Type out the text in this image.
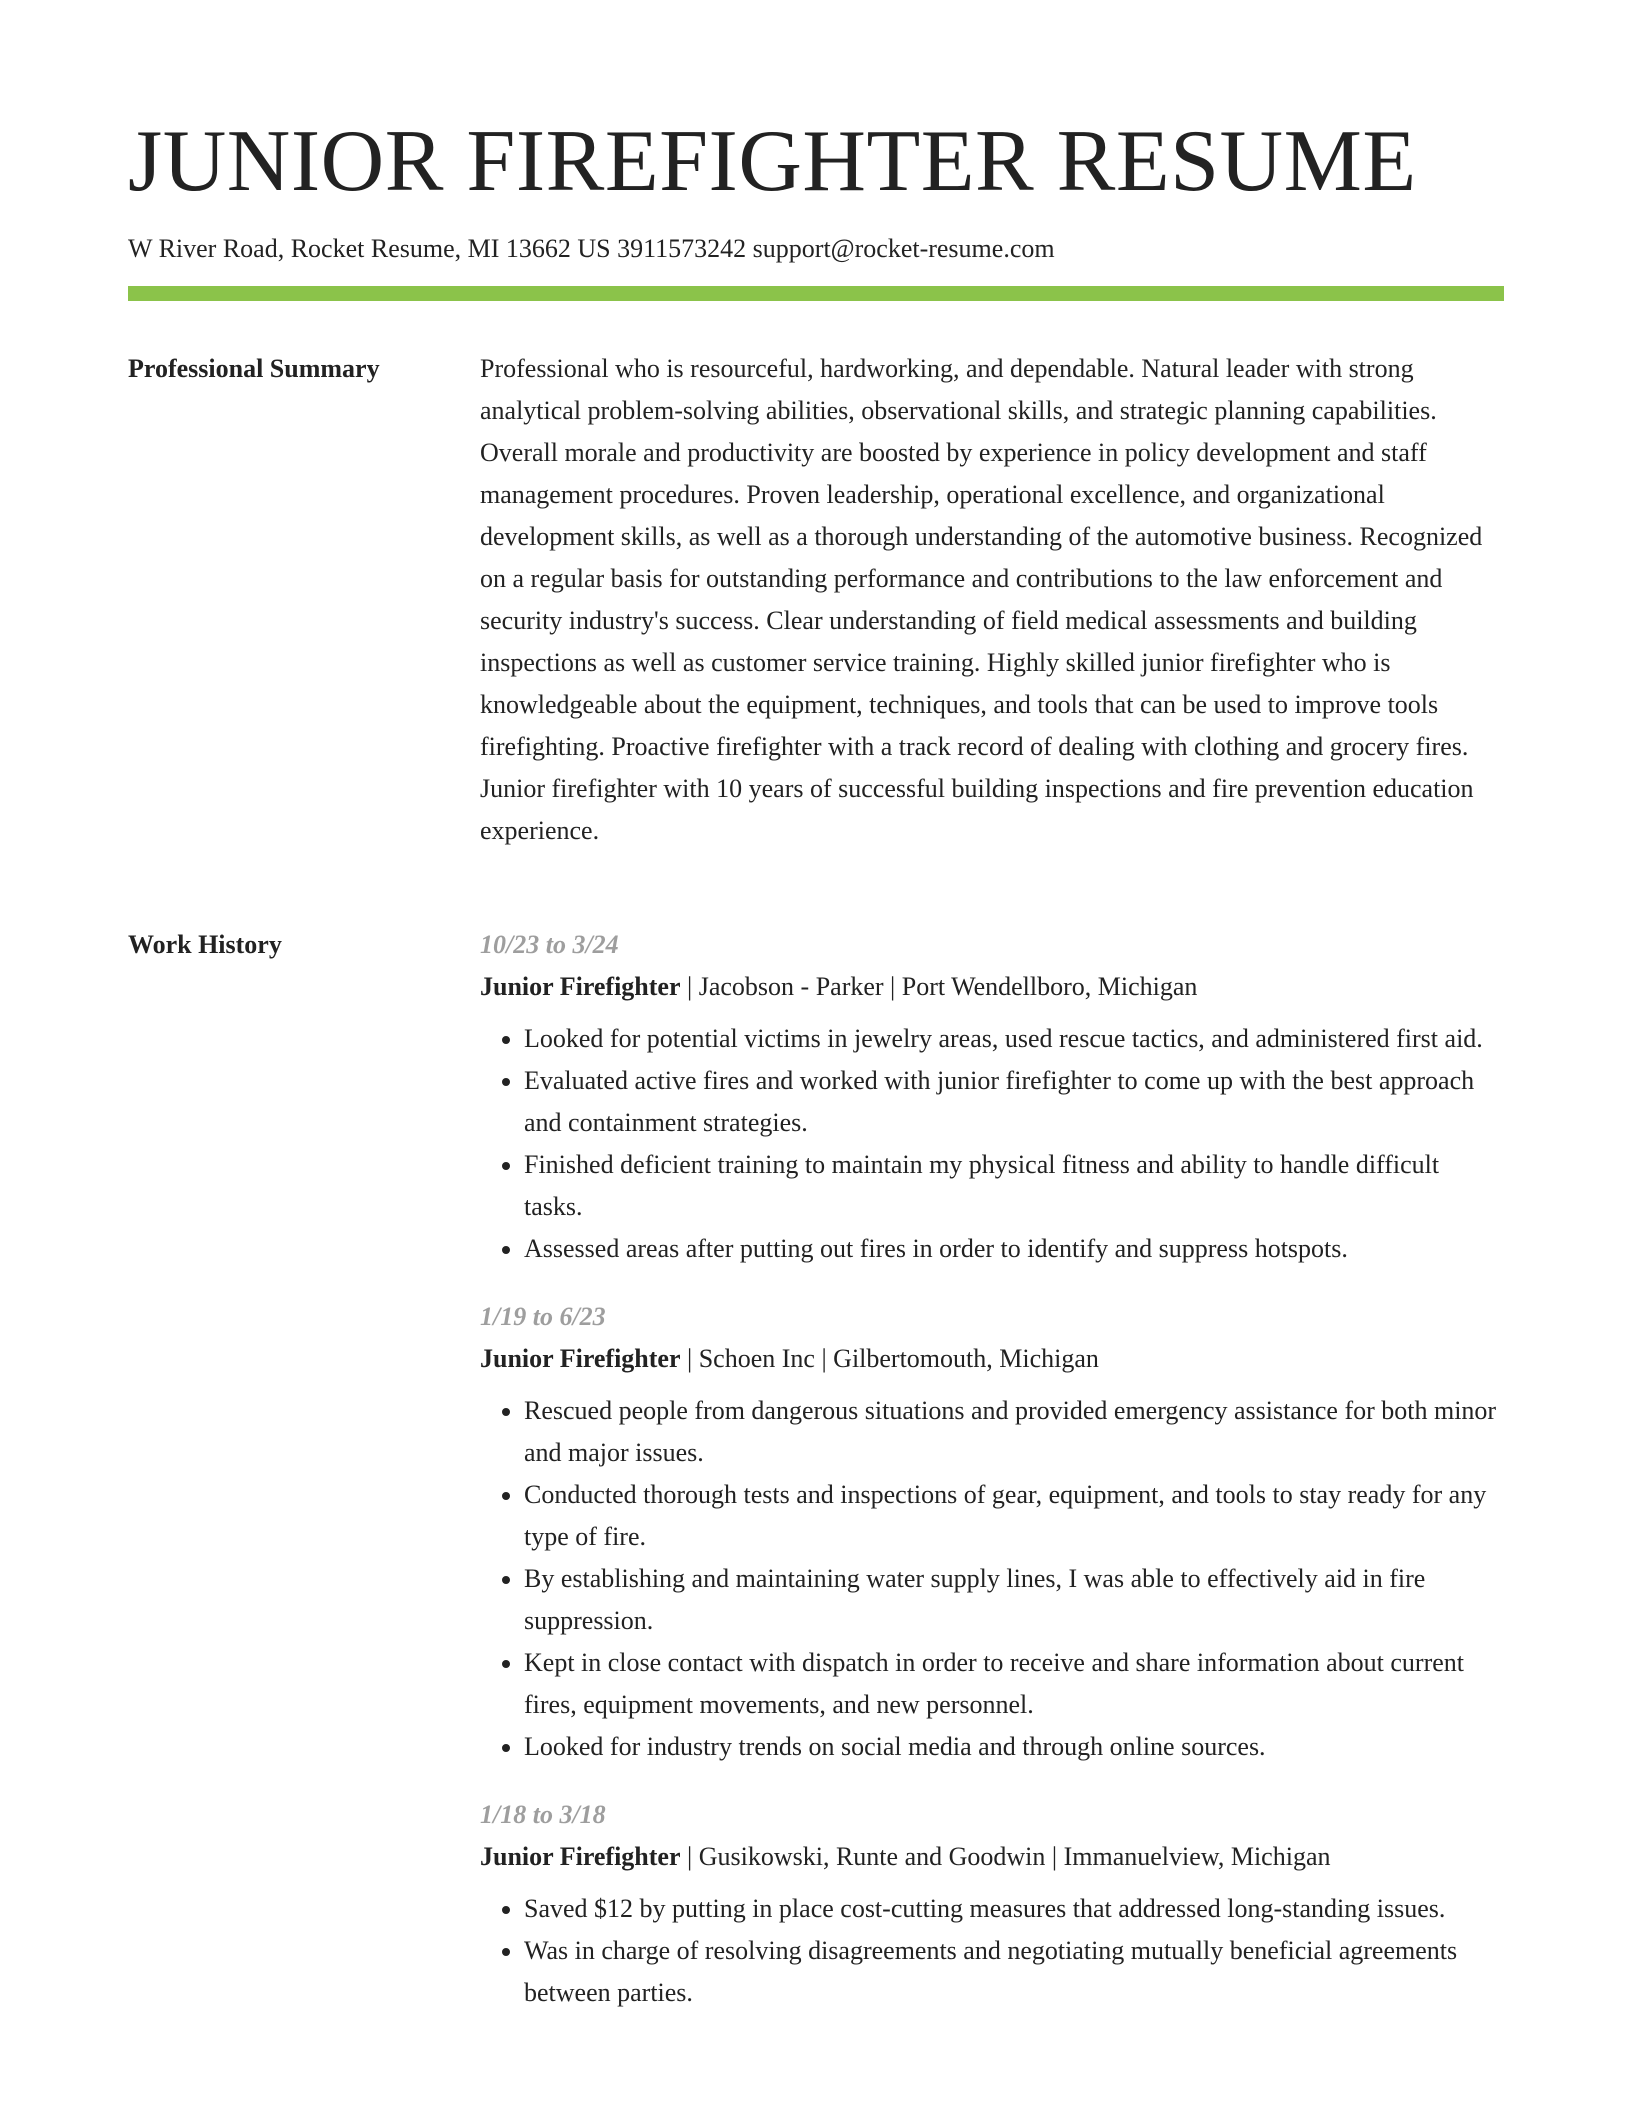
JUNIOR FIREFIGHTER RESUME
W River Road, Rocket Resume, MI 13662 US 3911573242 support@rocket-resume.com
Professional Summary	Professional who is resourceful, hardworking, and dependable. Natural leader with strong analytical problem-solving abilities, observational skills, and strategic planning capabilities. Overall morale and productivity are boosted by experience in policy development and staff management procedures. Proven leadership, operational excellence, and organizational development skills, as well as a thorough understanding of the automotive business. Recognized on a regular basis for outstanding performance and contributions to the law enforcement and security industry's success. Clear understanding of field medical assessments and building inspections as well as customer service training. Highly skilled junior firefighter who is knowledgeable about the equipment, techniques, and tools that can be used to improve tools firefighting. Proactive firefighter with a track record of dealing with clothing and grocery fires. Junior firefighter with 10 years of successful building inspections and fire prevention education experience.

Work History	10/23 to 3/24
Junior Firefighter | Jacobson - Parker | Port Wendellboro, Michigan
• Looked for potential victims in jewelry areas, used rescue tactics, and administered first aid.
• Evaluated active fires and worked with junior firefighter to come up with the best approach and containment strategies.
• Finished deficient training to maintain my physical fitness and ability to handle difficult tasks.
• Assessed areas after putting out fires in order to identify and suppress hotspots.
1/19 to 6/23
Junior Firefighter | Schoen Inc | Gilbertomouth, Michigan
• Rescued people from dangerous situations and provided emergency assistance for both minor and major issues.
• Conducted thorough tests and inspections of gear, equipment, and tools to stay ready for any type of fire.
• By establishing and maintaining water supply lines, I was able to effectively aid in fire suppression.
• Kept in close contact with dispatch in order to receive and share information about current fires, equipment movements, and new personnel.
• Looked for industry trends on social media and through online sources.
1/18 to 3/18
Junior Firefighter | Gusikowski, Runte and Goodwin | Immanuelview, Michigan
• Saved $12 by putting in place cost-cutting measures that addressed long-standing issues.
• Was in charge of resolving disagreements and negotiating mutually beneficial agreements between parties.
